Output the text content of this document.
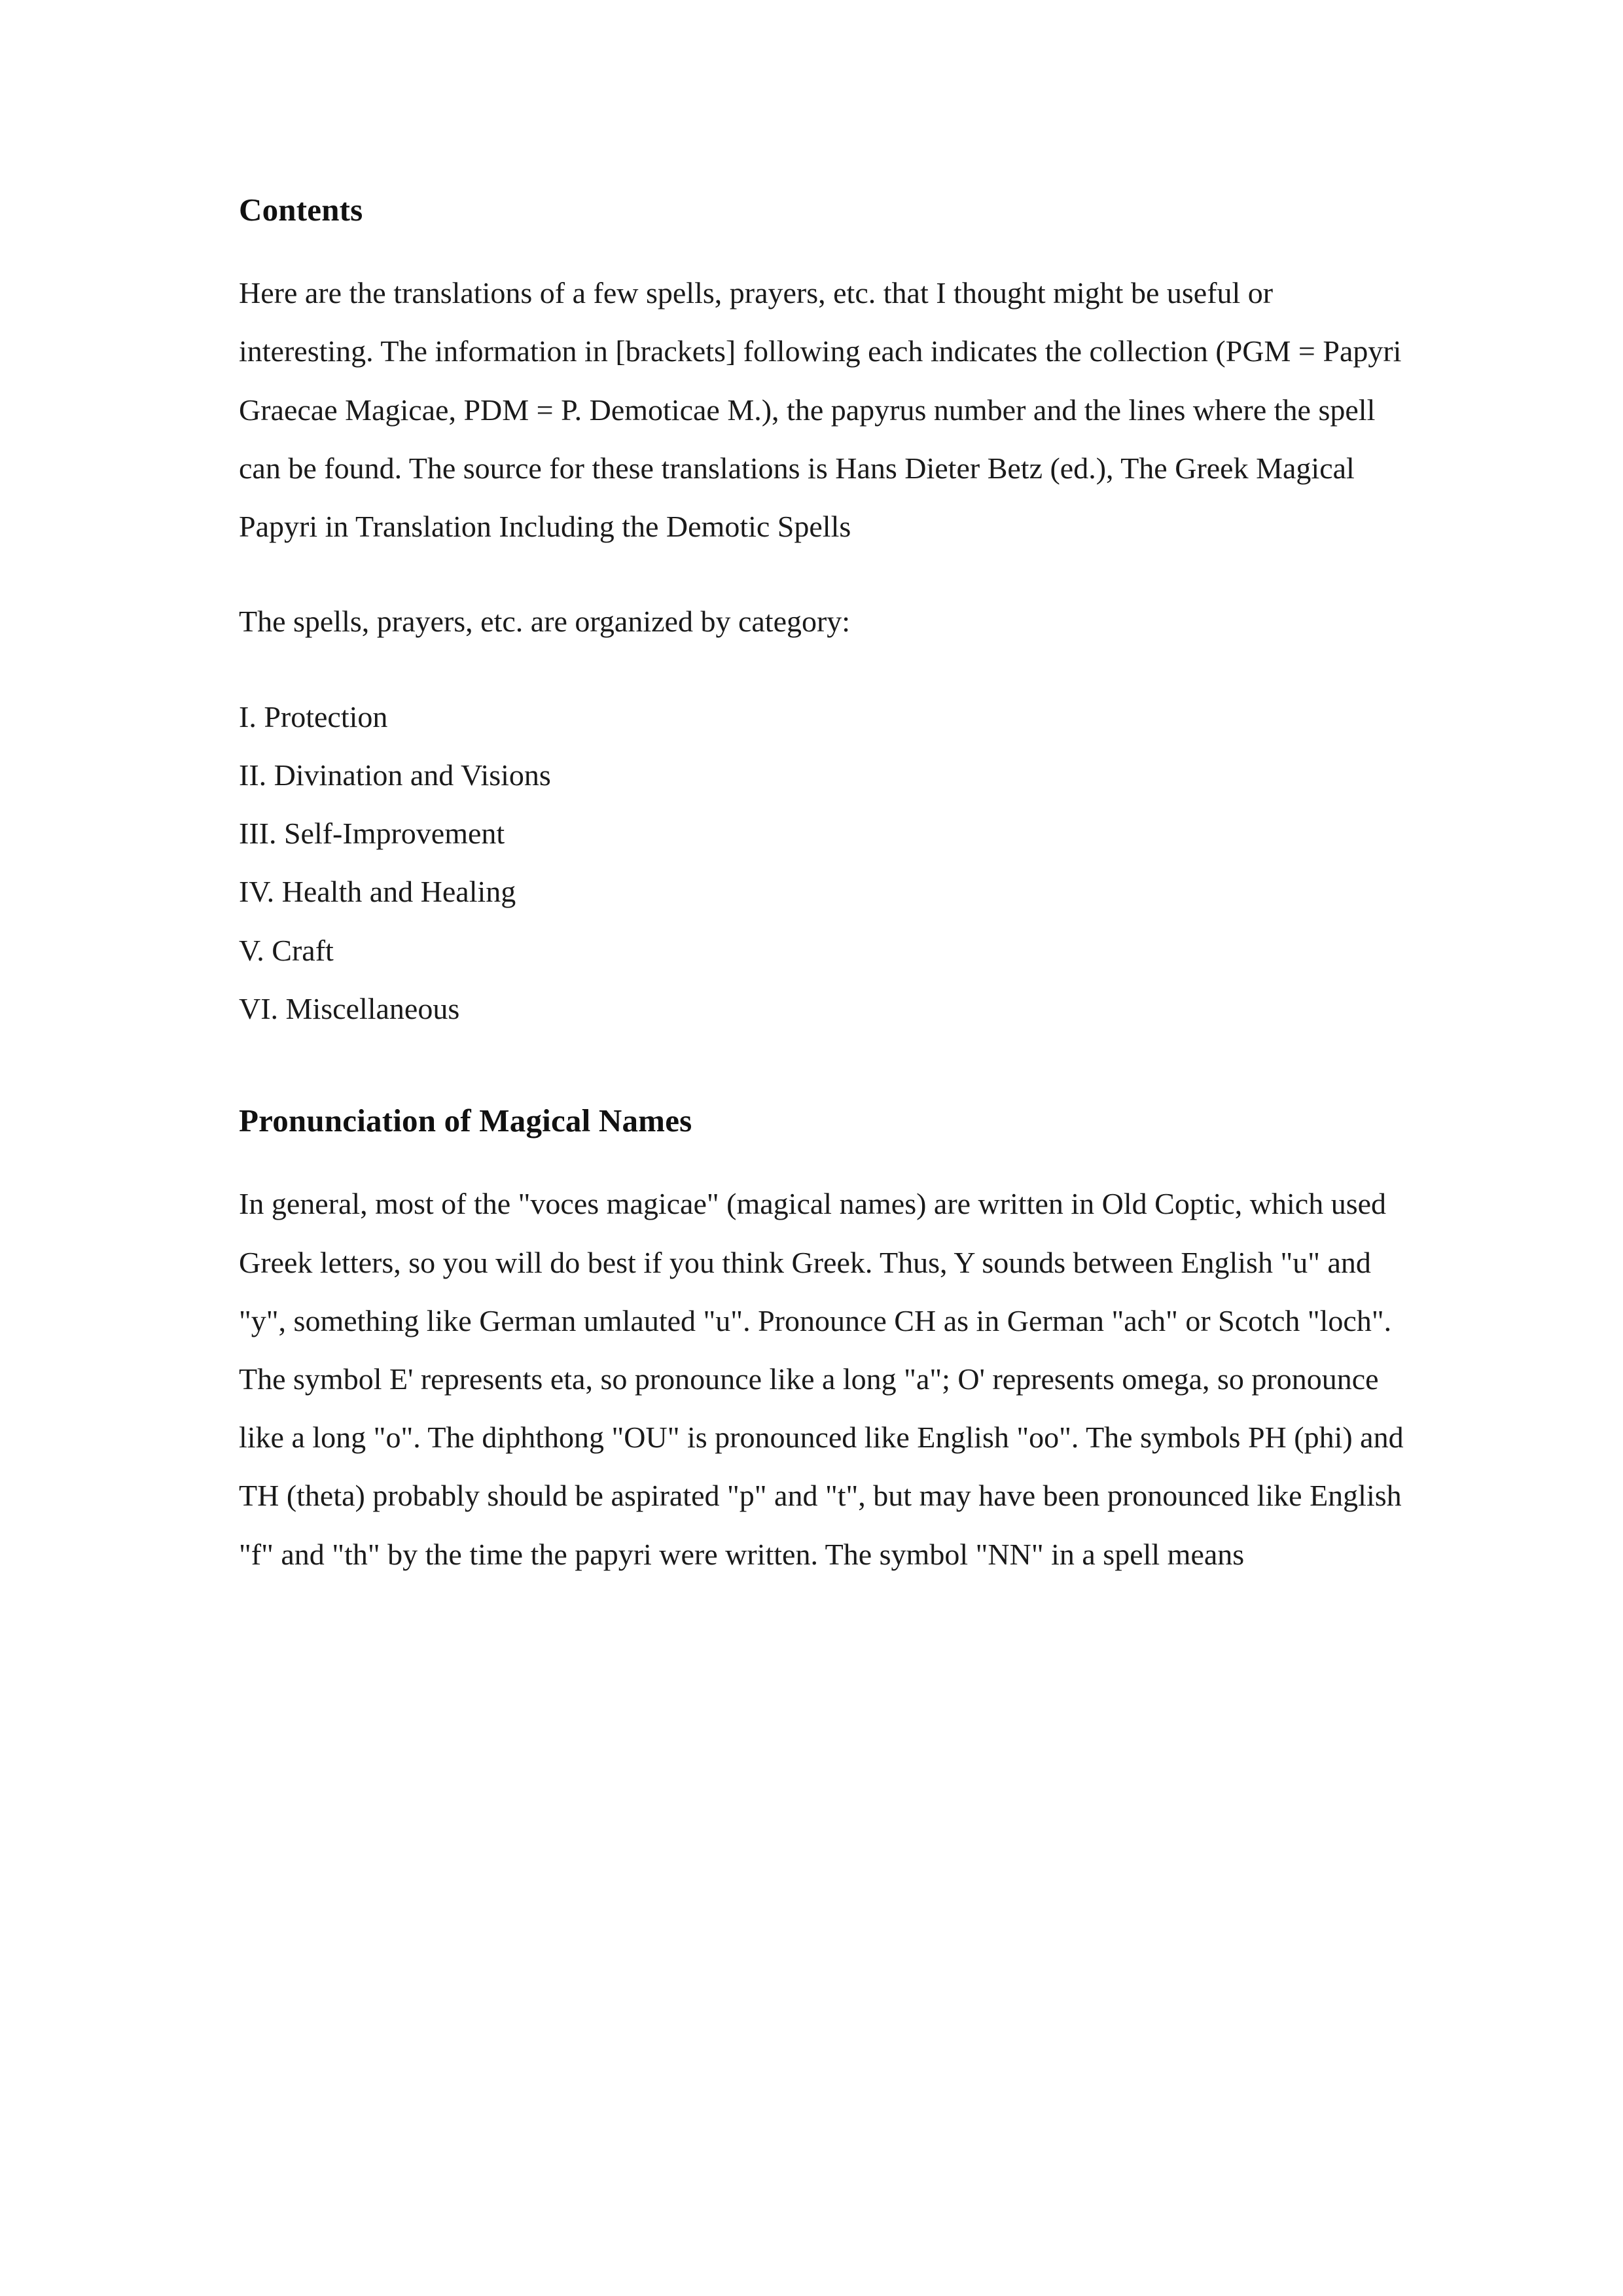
Contents

Here are the translations of a few spells, prayers, etc. that I thought might be useful or interesting. The information in [brackets] following each indicates the collection (PGM = Papyri Graecae Magicae, PDM = P. Demoticae M.), the papyrus number and the lines where the spell can be found. The source for these translations is Hans Dieter Betz (ed.), The Greek Magical Papyri in Translation Including the Demotic Spells

The spells, prayers, etc. are organized by category:

I. Protection
II. Divination and Visions
III. Self-Improvement
IV. Health and Healing
V. Craft
VI. Miscellaneous
Pronunciation of Magical Names

In general, most of the "voces magicae" (magical names) are written in Old Coptic, which used Greek letters, so you will do best if you think Greek. Thus, Y sounds between English "u" and "y", something like German umlauted "u". Pronounce CH as in German "ach" or Scotch "loch". The symbol E' represents eta, so pronounce like a long "a"; O' represents omega, so pronounce like a long "o". The diphthong "OU" is pronounced like English "oo". The symbols PH (phi) and TH (theta) probably should be aspirated "p" and "t", but may have been pronounced like English "f" and "th" by the time the papyri were written. The symbol "NN" in a spell means
